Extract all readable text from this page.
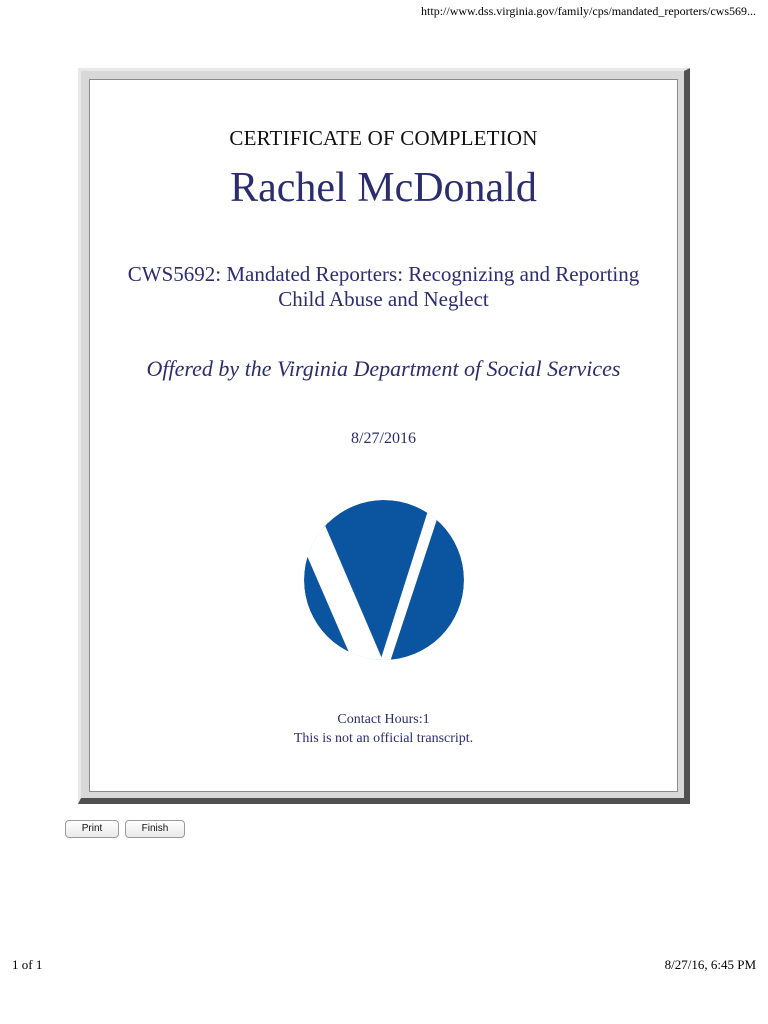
http://www.dss.virginia.gov/family/cps/mandated_reporters/cws569...
CERTIFICATE OF COMPLETION
Rachel McDonald
CWS5692: Mandated Reporters: Recognizing and Reporting
Child Abuse and Neglect
Offered by the Virginia Department of Social Services
8/27/2016
Contact Hours:1
This is not an official transcript.
Print	Finish
1 of 1	8/27/16, 6:45 PM
